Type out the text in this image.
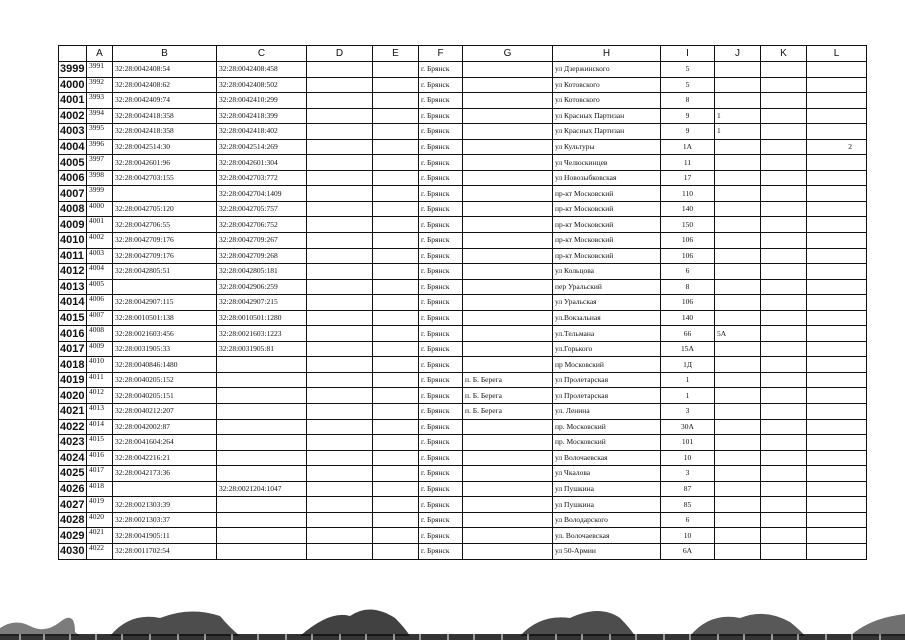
	A	B	C	D	E	F	G	H	I	J	K	L
3999	3991	32:28:0042408:54	32:28:0042408:458			г. Брянск		ул Дзержинского	5			
4000	3992	32:28:0042408:62	32:28:0042408:502			г. Брянск		ул Котовского	5			
4001	3993	32:28:0042409:74	32:28:0042410:299			г. Брянск		ул Котовского	8			
4002	3994	32:28:0042418:358	32:28:0042418:399			г. Брянск		ул Красных Партизан	9	1		
4003	3995	32:28:0042418:358	32:28:0042418:402			г. Брянск		ул Красных Партизан	9	1		
4004	3996	32:28:0042514:30	32:28:0042514:269			г. Брянск		ул Культуры	1А			2
4005	3997	32:28:0042601:96	32:28:0042601:304			г. Брянск		ул Челюскинцев	11			
4006	3998	32:28:0042703:155	32:28:0042703:772			г. Брянск		ул Новозыбковская	17			
4007	3999		32:28:0042704:1409			г. Брянск		пр-кт Московский	110			
4008	4000	32:28:0042705:120	32:28:0042705:757			г. Брянск		пр-кт Московский	140			
4009	4001	32:28:0042706:55	32:28:0042706:752			г. Брянск		пр-кт Московский	150			
4010	4002	32:28:0042709:176	32:28:0042709:267			г. Брянск		пр-кт Московский	106			
4011	4003	32:28:0042709:176	32:28:0042709:268			г. Брянск		пр-кт Московский	106			
4012	4004	32:28:0042805:51	32:28:0042805:181			г. Брянск		ул Кольцова	6			
4013	4005		32:28:0042906:259			г. Брянск		пер Уральский	8			
4014	4006	32:28:0042907:115	32:28:0042907:215			г. Брянск		ул Уральская	106			
4015	4007	32:28:0010501:138	32:28:0010501:1280			г. Брянск		ул.Вокзальная	140			
4016	4008	32:28:0021603:456	32:28:0021603:1223			г. Брянск		ул.Тельмана	66	5А		
4017	4009	32:28:0031905:33	32:28:0031905:81			г. Брянск		ул.Горького	15А			
4018	4010	32:28:0040846:1480				г. Брянск		пр Московский	1Д			
4019	4011	32:28:0040205:152				г. Брянск	п. Б. Берега	ул Пролетарская	1			
4020	4012	32:28:0040205:151				г. Брянск	п. Б. Берега	ул Пролетарская	1			
4021	4013	32:28:0040212:207				г. Брянск	п. Б. Берега	ул. Ленина	3			
4022	4014	32:28:0042002:87				г. Брянск		пр. Московский	30А			
4023	4015	32:28:0041604:264				г. Брянск		пр. Московский	101			
4024	4016	32:28:0042216:21				г. Брянск		ул Волочаевская	10			
4025	4017	32:28:0042173:36				г. Брянск		ул Чкалова	3			
4026	4018		32:28:0021204:1047			г. Брянск		ул Пушкина	87			
4027	4019	32:28:0021303:39				г. Брянск		ул Пушкина	85			
4028	4020	32:28:0021303:37				г. Брянск		ул Володарского	6			
4029	4021	32:28:0041905:11				г. Брянск		ул. Волочаевская	10			
4030	4022	32:28:0011702:54				г. Брянск		ул 50-Армии	6А			
